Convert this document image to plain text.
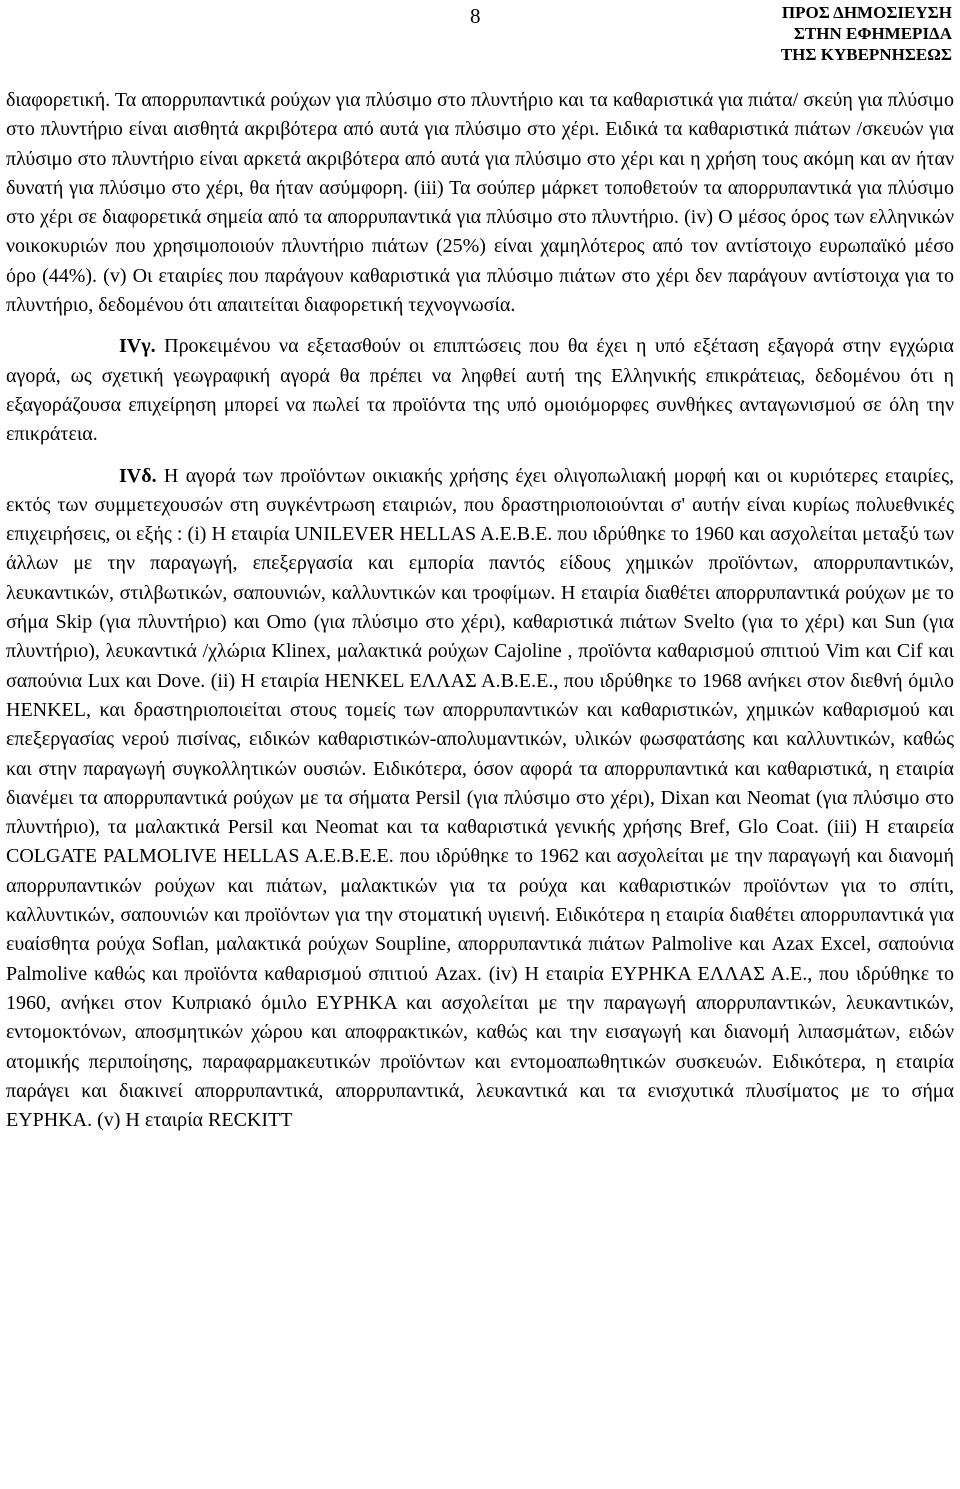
8	ΠΡΟΣ ΔΗΜΟΣΙΕΥΣΗ
ΣΤΗΝ ΕΦΗΜΕΡΙΔΑ
ΤΗΣ ΚΥΒΕΡΝΗΣΕΩΣ

διαφορετική. Τα απορρυπαντικά ρούχων για πλύσιμο στο πλυντήριο και τα καθαριστικά για πιάτα/ σκεύη για πλύσιμο στο πλυντήριο είναι αισθητά ακριβότερα από αυτά για πλύσιμο στο χέρι. Ειδικά τα καθαριστικά πιάτων /σκευών για πλύσιμο στο πλυντήριο είναι αρκετά ακριβότερα από αυτά για πλύσιμο στο χέρι και η χρήση τους ακόμη και αν ήταν δυνατή για πλύσιμο στο χέρι, θα ήταν ασύμφορη. (iii) Τα σούπερ μάρκετ τοποθετούν τα απορρυπαντικά για πλύσιμο στο χέρι σε διαφορετικά σημεία από τα απορρυπαντικά για πλύσιμο στο πλυντήριο. (iv) Ο μέσος όρος των ελληνικών νοικοκυριών που χρησιμοποιούν πλυντήριο πιάτων (25%) είναι χαμηλότερος από τον αντίστοιχο ευρωπαϊκό μέσο όρο (44%). (v) Οι εταιρίες που παράγουν καθαριστικά για πλύσιμο πιάτων στο χέρι δεν παράγουν αντίστοιχα για το πλυντήριο, δεδομένου ότι απαιτείται διαφορετική τεχνογνωσία.

IVγ. Προκειμένου να εξετασθούν οι επιπτώσεις που θα έχει η υπό εξέταση εξαγορά στην εγχώρια αγορά, ως σχετική γεωγραφική αγορά θα πρέπει να ληφθεί αυτή της Ελληνικής επικράτειας, δεδομένου ότι η εξαγοράζουσα επιχείρηση μπορεί να πωλεί τα προϊόντα της υπό ομοιόμορφες συνθήκες ανταγωνισμού σε όλη την επικράτεια.

IVδ. Η αγορά των προϊόντων οικιακής χρήσης έχει ολιγοπωλιακή μορφή και οι κυριότερες εταιρίες, εκτός των συμμετεχουσών στη συγκέντρωση εταιριών, που δραστηριοποιούνται σ' αυτήν είναι κυρίως πολυεθνικές επιχειρήσεις, οι εξής : (i) Η εταιρία UNILEVER HELLAS A.E.B.E. που ιδρύθηκε το 1960 και ασχολείται μεταξύ των άλλων με την παραγωγή, επεξεργασία και εμπορία παντός είδους χημικών προϊόντων, απορρυπαντικών, λευκαντικών, στιλβωτικών, σαπουνιών, καλλυντικών και τροφίμων. Η εταιρία διαθέτει απορρυπαντικά ρούχων με το σήμα Skip (για πλυντήριο) και Omo (για πλύσιμο στο χέρι), καθαριστικά πιάτων Svelto (για το χέρι) και Sun (για πλυντήριο), λευκαντικά /χλώρια Klinex, μαλακτικά ρούχων Cajoline , προϊόντα καθαρισμού σπιτιού Vim και Cif και σαπούνια Lux και Dove. (ii) Η εταιρία HENKEL ΕΛΛΑΣ Α.Β.Ε.Ε., που ιδρύθηκε το 1968 ανήκει στον διεθνή όμιλο HENKEL, και δραστηριοποιείται στους τομείς των απορρυπαντικών και καθαριστικών, χημικών καθαρισμού και επεξεργασίας νερού πισίνας, ειδικών καθαριστικών-απολυμαντικών, υλικών φωσφατάσης και καλλυντικών, καθώς και στην παραγωγή συγκολλητικών ουσιών. Ειδικότερα, όσον αφορά τα απορρυπαντικά και καθαριστικά, η εταιρία διανέμει τα απορρυπαντικά ρούχων με τα σήματα Persil (για πλύσιμο στο χέρι), Dixan και Neomat (για πλύσιμο στο πλυντήριο), τα μαλακτικά Persil και Neomat και τα καθαριστικά γενικής χρήσης Bref, Glo Coat. (iii) Η εταιρεία COLGATE PALMOLIVE HELLAS A.E.B.E.E. που ιδρύθηκε το 1962 και ασχολείται με την παραγωγή και διανομή απορρυπαντικών ρούχων και πιάτων, μαλακτικών για τα ρούχα και καθαριστικών προϊόντων για το σπίτι, καλλυντικών, σαπουνιών και προϊόντων για την στοματική υγιεινή. Ειδικότερα η εταιρία διαθέτει απορρυπαντικά για ευαίσθητα ρούχα Soflan, μαλακτικά ρούχων Soupline, απορρυπαντικά πιάτων Palmolive και Azax Excel, σαπούνια Palmolive καθώς και προϊόντα καθαρισμού σπιτιού Azax. (iv) Η εταιρία ΕΥΡΗΚΑ ΕΛΛΑΣ Α.Ε., που ιδρύθηκε το 1960, ανήκει στον Κυπριακό όμιλο ΕΥΡΗΚΑ και ασχολείται με την παραγωγή απορρυπαντικών, λευκαντικών, εντομοκτόνων, αποσμητικών χώρου και αποφρακτικών, καθώς και την εισαγωγή και διανομή λιπασμάτων, ειδών ατομικής περιποίησης, παραφαρμακευτικών προϊόντων και εντομοαπωθητικών συσκευών. Ειδικότερα, η εταιρία παράγει και διακινεί απορρυπαντικά, απορρυπαντικά, λευκαντικά και τα ενισχυτικά πλυσίματος με το σήμα ΕΥΡΗΚΑ. (v) Η εταιρία RECKITT
